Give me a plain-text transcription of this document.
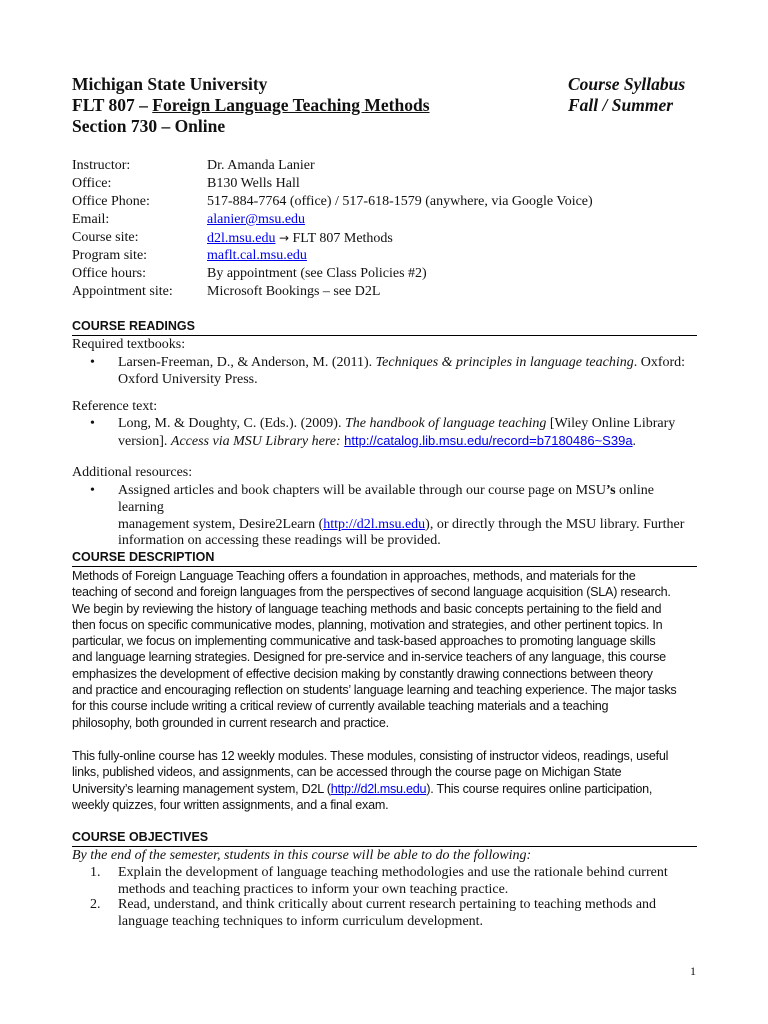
Michigan State University	Course Syllabus
FLT 807 – Foreign Language Teaching Methods	Fall / Summer
Section 730 – Online
Instructor:	Dr. Amanda Lanier
Office:	B130 Wells Hall
Office Phone:	517-884-7764 (office) / 517-618-1579 (anywhere, via Google Voice)
Email:	alanier@msu.edu
Course site:	d2l.msu.edu → FLT 807 Methods
Program site:	maflt.cal.msu.edu
Office hours:	By appointment (see Class Policies #2)
Appointment site:	Microsoft Bookings – see D2L
COURSE READINGS
Required textbooks:
• Larsen-Freeman, D., & Anderson, M. (2011). Techniques & principles in language teaching. Oxford:
Oxford University Press.
Reference text:
• Long, M. & Doughty, C. (Eds.). (2009). The handbook of language teaching [Wiley Online Library
version]. Access via MSU Library here: http://catalog.lib.msu.edu/record=b7180486~S39a.
Additional resources:
• Assigned articles and book chapters will be available through our course page on MSU’s online learning
management system, Desire2Learn (http://d2l.msu.edu), or directly through the MSU library. Further
information on accessing these readings will be provided.
COURSE DESCRIPTION
Methods of Foreign Language Teaching offers a foundation in approaches, methods, and materials for the
teaching of second and foreign languages from the perspectives of second language acquisition (SLA) research.
We begin by reviewing the history of language teaching methods and basic concepts pertaining to the field and
then focus on specific communicative modes, planning, motivation and strategies, and other pertinent topics. In
particular, we focus on implementing communicative and task-based approaches to promoting language skills
and language learning strategies. Designed for pre-service and in-service teachers of any language, this course
emphasizes the development of effective decision making by constantly drawing connections between theory
and practice and encouraging reflection on students’ language learning and teaching experience. The major tasks
for this course include writing a critical review of currently available teaching materials and a teaching
philosophy, both grounded in current research and practice.
This fully-online course has 12 weekly modules. These modules, consisting of instructor videos, readings, useful
links, published videos, and assignments, can be accessed through the course page on Michigan State
University’s learning management system, D2L (http://d2l.msu.edu). This course requires online participation,
weekly quizzes, four written assignments, and a final exam.
COURSE OBJECTIVES
By the end of the semester, students in this course will be able to do the following:
1. Explain the development of language teaching methodologies and use the rationale behind current
methods and teaching practices to inform your own teaching practice.
2. Read, understand, and think critically about current research pertaining to teaching methods and
language teaching techniques to inform curriculum development.
1
